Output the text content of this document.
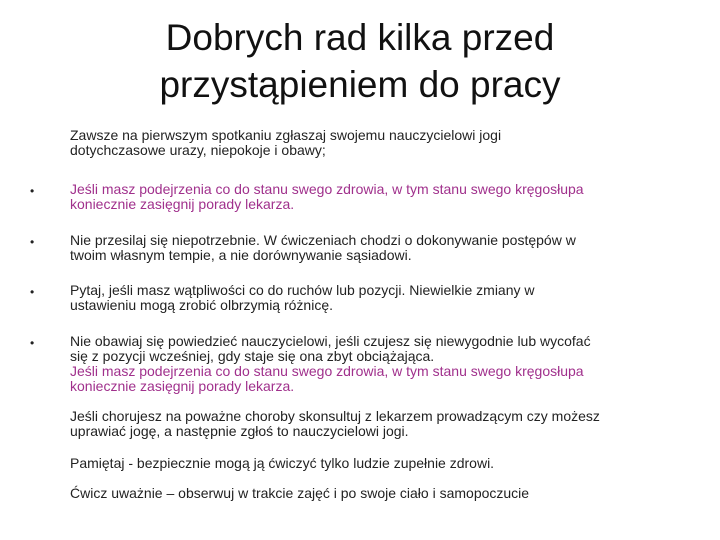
Dobrych rad kilka przed
przystąpieniem do pracy
Zawsze na pierwszym spotkaniu zgłaszaj swojemu nauczycielowi jogi
dotychczasowe urazy, niepokoje i obawy;
•	Jeśli masz podejrzenia co do stanu swego zdrowia, w tym stanu swego kręgosłupa
koniecznie zasięgnij porady lekarza.
•	Nie przesilaj się niepotrzebnie. W ćwiczeniach chodzi o dokonywanie postępów w
twoim własnym tempie, a nie dorównywanie sąsiadowi.
•	Pytaj, jeśli masz wątpliwości co do ruchów lub pozycji. Niewielkie zmiany w
ustawieniu mogą zrobić olbrzymią różnicę.
•	Nie obawiaj się powiedzieć nauczycielowi, jeśli czujesz się niewygodnie lub wycofać
się z pozycji wcześniej, gdy staje się ona zbyt obciążająca.
Jeśli masz podejrzenia co do stanu swego zdrowia, w tym stanu swego kręgosłupa
koniecznie zasięgnij porady lekarza.
Jeśli chorujesz na poważne choroby skonsultuj z lekarzem prowadzącym czy możesz
uprawiać jogę, a następnie zgłoś to nauczycielowi jogi.
Pamiętaj - bezpiecznie mogą ją ćwiczyć tylko ludzie zupełnie zdrowi.
Ćwicz uważnie – obserwuj w trakcie zajęć i po swoje ciało i samopoczucie
